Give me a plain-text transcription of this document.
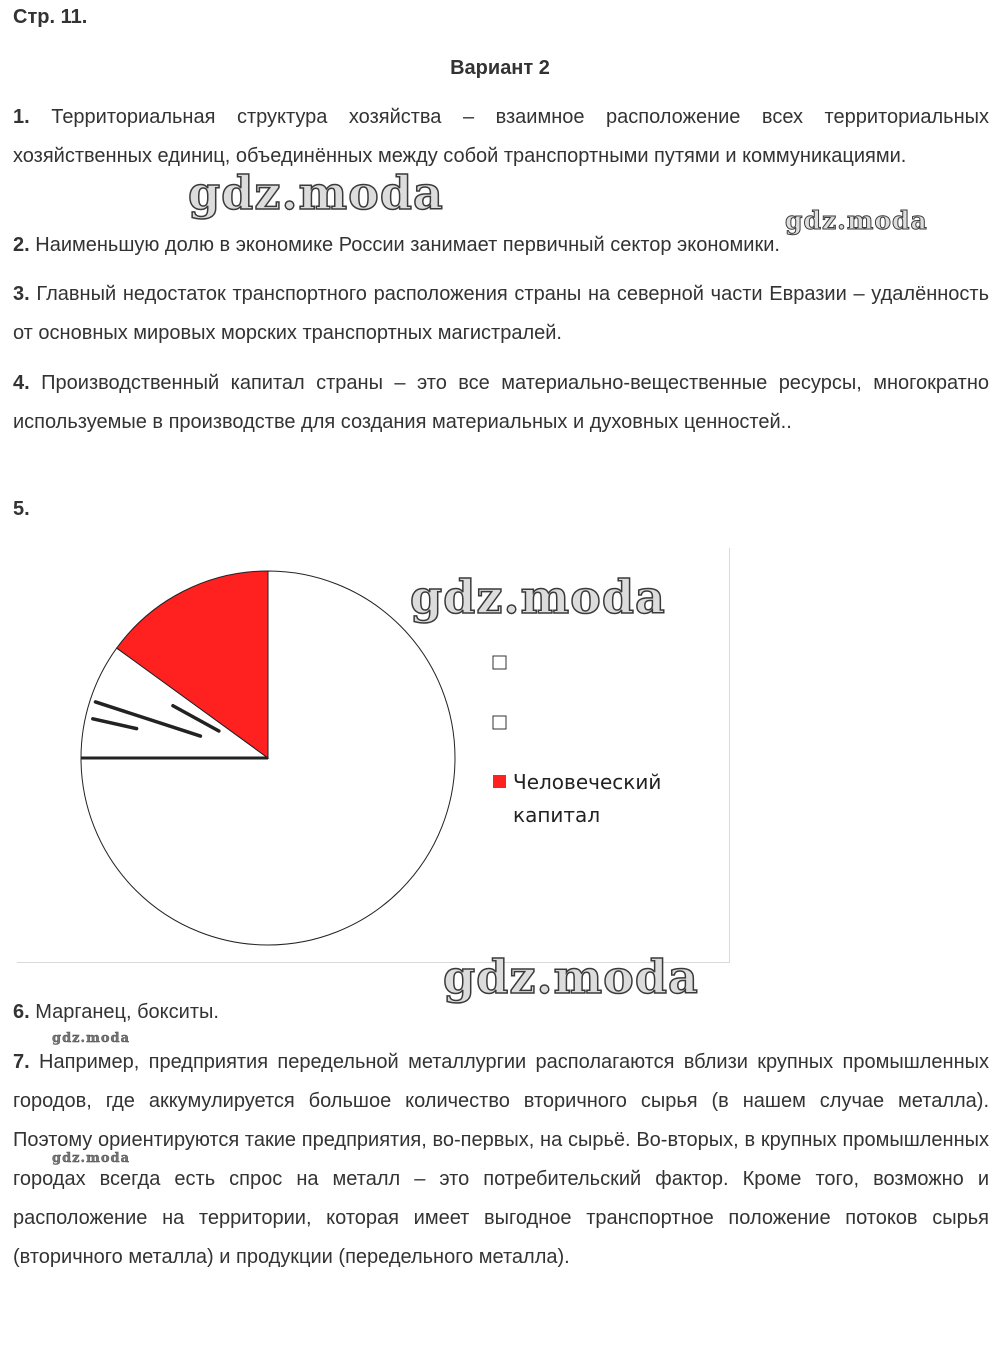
Стр. 11.
Вариант 2

1. Территориальная структура хозяйства – взаимное расположение всех территориальных хозяйственных единиц, объединённых между собой транспортными путями и коммуникациями.

2. Наименьшую долю в экономике России занимает первичный сектор экономики.

3. Главный недостаток транспортного расположения страны на северной части Евразии – удалённость от основных мировых морских транспортных магистралей.

4. Производственный капитал страны – это все материально-вещественные ресурсы, многократно используемые в производстве для создания материальных и духовных ценностей..

5.
Человеческий
капитал

6. Марганец, бокситы.

7. Например, предприятия передельной металлургии располагаются вблизи крупных промышленных городов, где аккумулируется большое количество вторичного сырья (в нашем случае металла). Поэтому ориентируются такие предприятия, во-первых, на сырьё. Во-вторых, в крупных промышленных городах всегда есть спрос на металл – это потребительский фактор. Кроме того, возможно и расположение на территории, которая имеет выгодное транспортное положение потоков сырья (вторичного металла) и продукции (передельного металла).

gdz.moda
gdz.moda
gdz.moda
gdz.moda
gdz.moda
gdz.moda
